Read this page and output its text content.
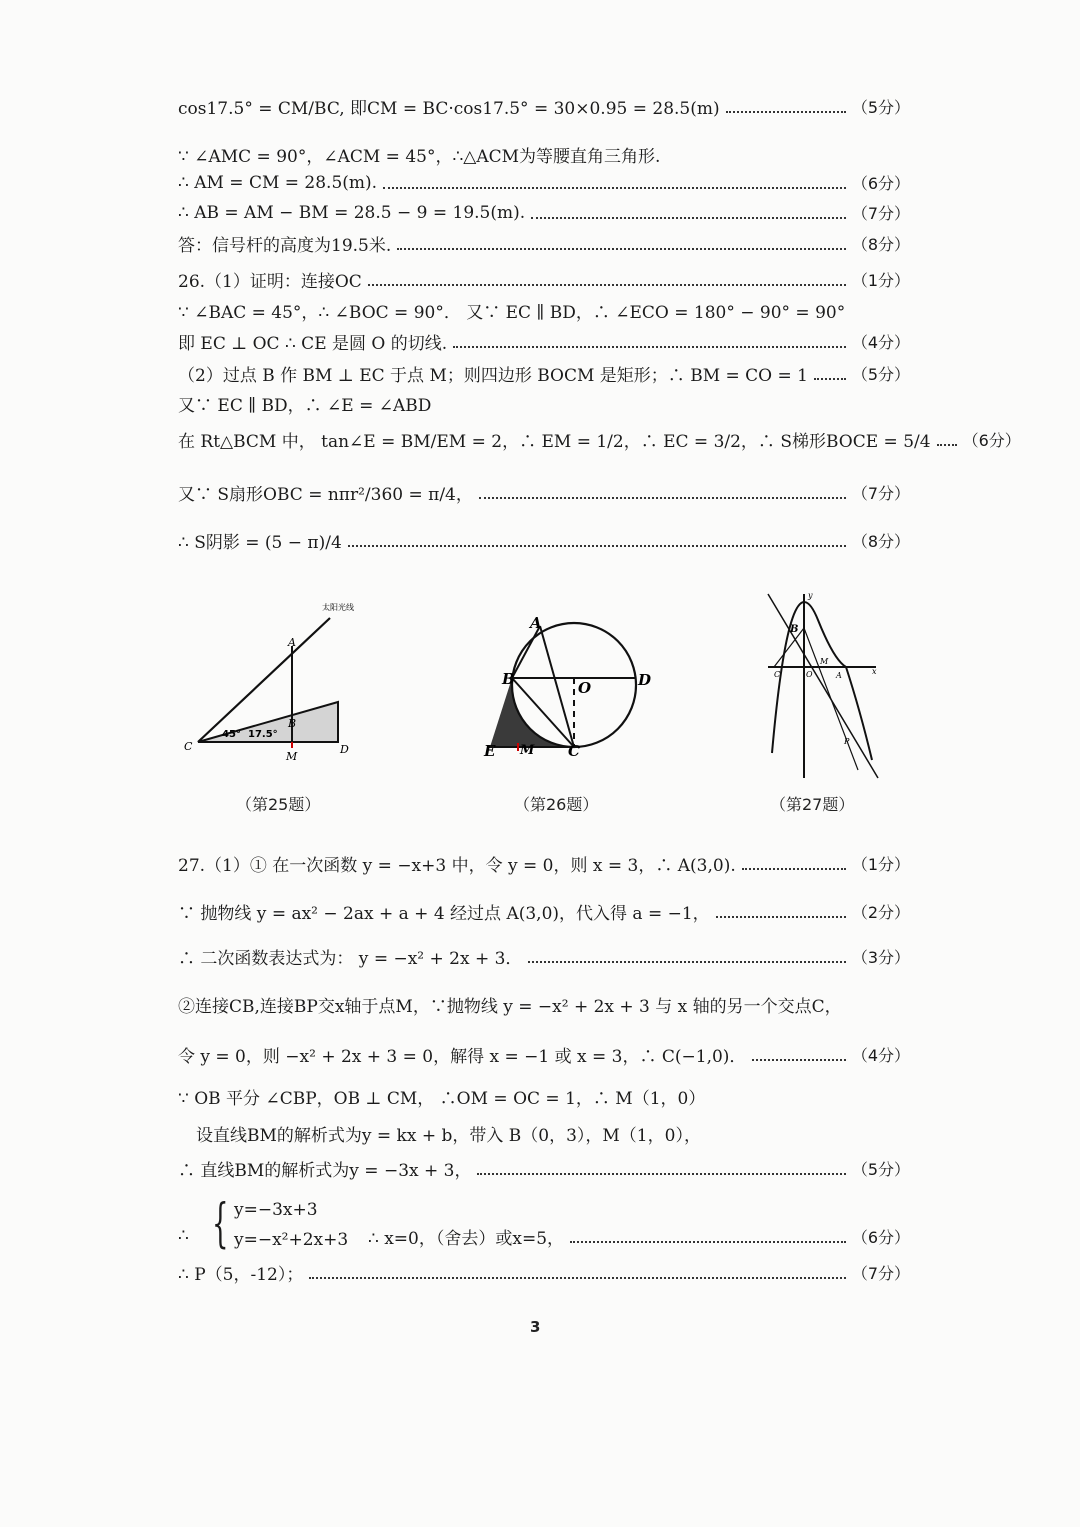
cos17.5° = CM/BC, 即CM = BC·cos17.5° = 30×0.95 = 28.5(m)	（5分）
∵ ∠AMC = 90°，∠ACM = 45°，∴△ACM为等腰直角三角形.
∴ AM = CM = 28.5(m).	（6分）
∴ AB = AM − BM = 28.5 − 9 = 19.5(m).	（7分）
答：信号杆的高度为19.5米.	（8分）
26.（1）证明：连接OC	（1分）
∵ ∠BAC = 45°，∴ ∠BOC = 90°． 又∵ EC ∥ BD，∴ ∠ECO = 180° − 90° = 90°
即 EC ⊥ OC ∴ CE 是圆 O 的切线.	（4分）
（2）过点 B 作 BM ⊥ EC 于点 M；则四边形 BOCM 是矩形；∴ BM = CO = 1	（5分）
又∵ EC ∥ BD，∴ ∠E = ∠ABD
在 Rt△BCM 中， tan∠E = BM/EM = 2，∴ EM = 1/2，∴ EC = 3/2，∴ S梯形BOCE = 5/4 （6分）
又∵ S扇形OBC = nπr²/360 = π/4，	（7分）
∴ S阴影 = (5 − π)/4	（8分）
太阳光线
A
B
C	D
M
45° 17.5°
（第25题）
A
B	O	D
E M C
（第26题）
y
B
C	O
M
A	x
P
（第27题）
27.（1）① 在一次函数 y = −x+3 中，令 y = 0，则 x = 3，∴ A(3,0).	（1分）
∵ 抛物线 y = ax² − 2ax + a + 4 经过点 A(3,0)，代入得 a = −1，	（2分）
∴ 二次函数表达式为： y = −x² + 2x + 3．	（3分）
②连接CB,连接BP交x轴于点M，∵抛物线 y = −x² + 2x + 3 与 x 轴的另一个交点C，
令 y = 0，则 −x² + 2x + 3 = 0，解得 x = −1 或 x = 3，∴ C(−1,0)．	（4分）
∵ OB 平分 ∠CBP，OB ⊥ CM， ∴OM = OC = 1，∴ M（1，0）
设直线BM的解析式为y = kx + b，带入 B（0，3），M（1，0），
∴ 直线BM的解析式为y = −3x + 3，	（5分）
∴ { y=−3x+3
y=−x²+2x+3 ∴ x=0，（舍去）或x=5，	（6分）
∴ P（5，-12）；	（7分）
3
